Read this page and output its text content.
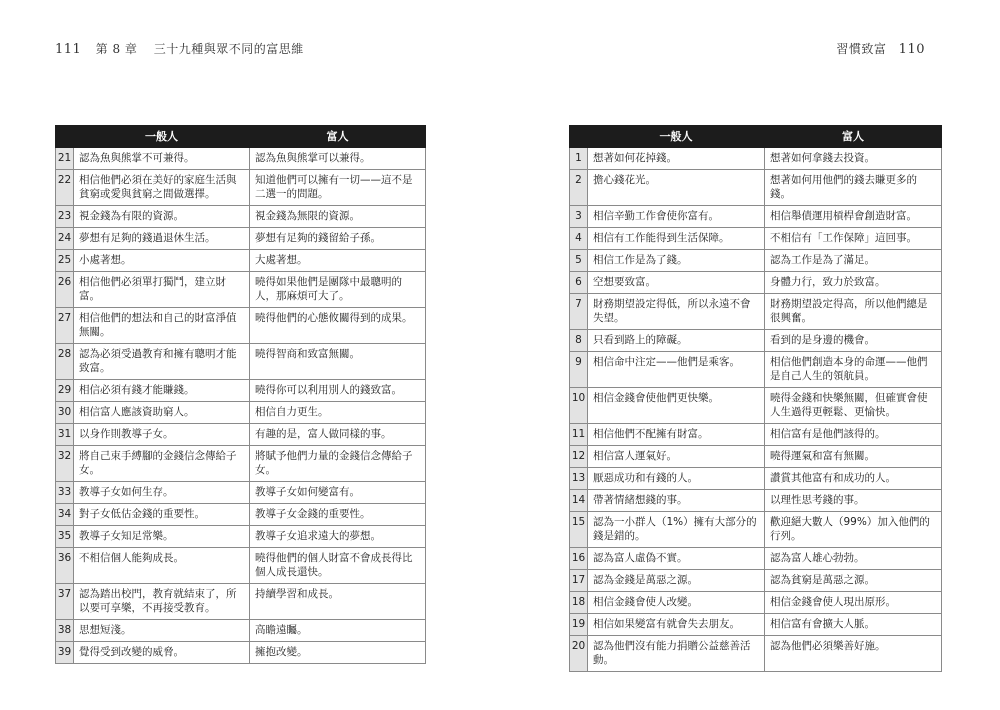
111 第 8 章 三十九種與眾不同的富思維	習慣致富 110
	一般人	富人
21	認為魚與熊掌不可兼得。	認為魚與熊掌可以兼得。
22	相信他們必須在美好的家庭生活與貧窮或愛與貧窮之間做選擇。	知道他們可以擁有一切——這不是二選一的問題。
23	視金錢為有限的資源。	視金錢為無限的資源。
24	夢想有足夠的錢過退休生活。	夢想有足夠的錢留給子孫。
25	小處著想。	大處著想。
26	相信他們必須單打獨鬥，建立財富。	曉得如果他們是團隊中最聰明的人，那麻煩可大了。
27	相信他們的想法和自己的財富淨值無關。	曉得他們的心態攸關得到的成果。
28	認為必須受過教育和擁有聰明才能致富。	曉得智商和致富無關。
29	相信必須有錢才能賺錢。	曉得你可以利用別人的錢致富。
30	相信富人應該資助窮人。	相信自力更生。
31	以身作則教導子女。	有趣的是，富人做同樣的事。
32	將自己束手縛腳的金錢信念傳給子女。	將賦予他們力量的金錢信念傳給子女。
33	教導子女如何生存。	教導子女如何變富有。
34	對子女低估金錢的重要性。	教導子女金錢的重要性。
35	教導子女知足常樂。	教導子女追求遠大的夢想。
36	不相信個人能夠成長。	曉得他們的個人財富不會成長得比個人成長還快。
37	認為踏出校門，教育就結束了，所以要可享樂，不再接受教育。	持續學習和成長。
38	思想短淺。	高瞻遠矚。
39	覺得受到改變的威脅。	擁抱改變。
	一般人	富人
1	想著如何花掉錢。	想著如何拿錢去投資。
2	擔心錢花光。	想著如何用他們的錢去賺更多的錢。
3	相信辛勤工作會使你富有。	相信舉債運用槓桿會創造財富。
4	相信有工作能得到生活保障。	不相信有「工作保障」這回事。
5	相信工作是為了錢。	認為工作是為了滿足。
6	空想要致富。	身體力行，致力於致富。
7	財務期望設定得低，所以永遠不會失望。	財務期望設定得高，所以他們總是很興奮。
8	只看到路上的障礙。	看到的是身邊的機會。
9	相信命中注定——他們是乘客。	相信他們創造本身的命運——他們是自己人生的領航員。
10	相信金錢會使他們更快樂。	曉得金錢和快樂無關，但確實會使人生過得更輕鬆、更愉快。
11	相信他們不配擁有財富。	相信富有是他們該得的。
12	相信富人運氣好。	曉得運氣和富有無關。
13	厭惡成功和有錢的人。	讚賞其他富有和成功的人。
14	帶著情緒想錢的事。	以理性思考錢的事。
15	認為一小群人（1%）擁有大部分的錢是錯的。	歡迎絕大數人（99%）加入他們的行列。
16	認為富人虛偽不實。	認為富人雄心勃勃。
17	認為金錢是萬惡之源。	認為貧窮是萬惡之源。
18	相信金錢會使人改變。	相信金錢會使人現出原形。
19	相信如果變富有就會失去朋友。	相信富有會擴大人脈。
20	認為他們沒有能力捐贈公益慈善活動。	認為他們必須樂善好施。
